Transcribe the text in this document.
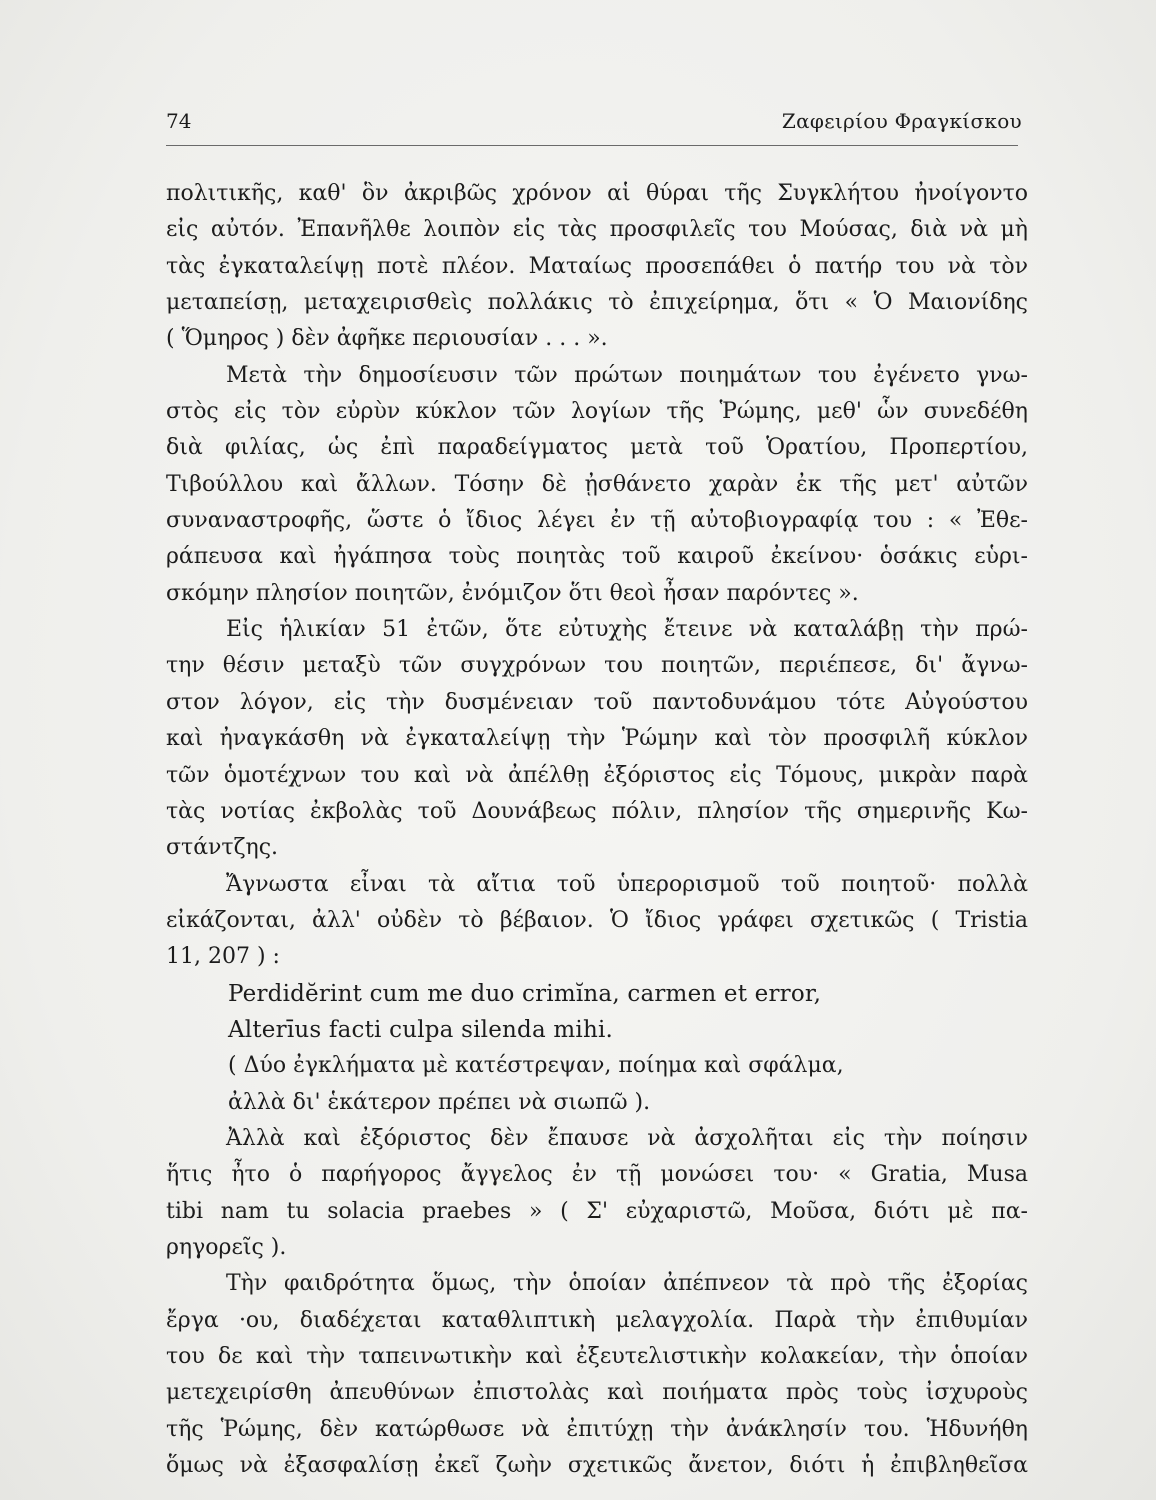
74	Ζαφειρίου Φραγκίσκου
πολιτικῆς, καθ' ὃν ἀκριβῶς χρόνον αἱ θύραι τῆς Συγκλήτου ἠνοίγοντο
εἰς αὐτόν. Ἐπανῆλθε λοιπὸν εἰς τὰς προσφιλεῖς του Μούσας, διὰ νὰ μὴ
τὰς ἐγκαταλείψῃ ποτὲ πλέον. Ματαίως προσεπάθει ὁ πατήρ του νὰ τὸν
μεταπείσῃ, μεταχειρισθεὶς πολλάκις τὸ ἐπιχείρημα, ὅτι « Ὁ Μαιονίδης
( Ὅμηρος ) δὲν ἀφῆκε περιουσίαν . . . ».
Μετὰ τὴν δημοσίευσιν τῶν πρώτων ποιημάτων του ἐγένετο γνω-
στὸς εἰς τὸν εὐρὺν κύκλον τῶν λογίων τῆς Ῥώμης, μεθ' ὧν συνεδέθη
διὰ φιλίας, ὡς ἐπὶ παραδείγματος μετὰ τοῦ Ὁρατίου, Προπερτίου,
Τιβούλλου καὶ ἄλλων. Τόσην δὲ ᾐσθάνετο χαρὰν ἐκ τῆς μετ' αὐτῶν
συναναστροφῆς, ὥστε ὁ ἴδιος λέγει ἐν τῇ αὐτοβιογραφίᾳ του : « Ἐθε-
ράπευσα καὶ ἠγάπησα τοὺς ποιητὰς τοῦ καιροῦ ἐκείνου· ὁσάκις εὑρι-
σκόμην πλησίον ποιητῶν, ἐνόμιζον ὅτι θεοὶ ἦσαν παρόντες ».
Εἰς ἡλικίαν 51 ἐτῶν, ὅτε εὐτυχὴς ἔτεινε νὰ καταλάβῃ τὴν πρώ-
την θέσιν μεταξὺ τῶν συγχρόνων του ποιητῶν, περιέπεσε, δι' ἄγνω-
στον λόγον, εἰς τὴν δυσμένειαν τοῦ παντοδυνάμου τότε Αὐγούστου
καὶ ἠναγκάσθη νὰ ἐγκαταλείψῃ τὴν Ῥώμην καὶ τὸν προσφιλῆ κύκλον
τῶν ὁμοτέχνων του καὶ νὰ ἀπέλθῃ ἐξόριστος εἰς Τόμους, μικρὰν παρὰ
τὰς νοτίας ἐκβολὰς τοῦ Δουνάβεως πόλιν, πλησίον τῆς σημερινῆς Κω-
στάντζης.
Ἄγνωστα εἶναι τὰ αἴτια τοῦ ὑπερορισμοῦ τοῦ ποιητοῦ· πολλὰ
εἰκάζονται, ἀλλ' οὐδὲν τὸ βέβαιον. Ὁ ἴδιος γράφει σχετικῶς ( Tristia
11, 207 ) :
Perdidĕrint cum me duo crimĭna, carmen et error,
Alterīus facti culpa silenda mihi.
( Δύο ἐγκλήματα μὲ κατέστρεψαν, ποίημα καὶ σφάλμα,
ἀλλὰ δι' ἑκάτερον πρέπει νὰ σιωπῶ ).
Ἀλλὰ καὶ ἐξόριστος δὲν ἔπαυσε νὰ ἀσχολῆται εἰς τὴν ποίησιν
ἥτις ἦτο ὁ παρήγορος ἄγγελος ἐν τῇ μονώσει του· « Gratia, Musa
tibi nam tu solacia praebes » ( Σ' εὐχαριστῶ, Μοῦσα, διότι μὲ πα-
ρηγορεῖς ).
Τὴν φαιδρότητα ὅμως, τὴν ὁποίαν ἀπέπνεον τὰ πρὸ τῆς ἐξορίας
ἔργα ·ου, διαδέχεται καταθλιπτικὴ μελαγχολία. Παρὰ τὴν ἐπιθυμίαν
του δε καὶ τὴν ταπεινωτικὴν καὶ ἐξευτελιστικὴν κολακείαν, τὴν ὁποίαν
μετεχειρίσθη ἀπευθύνων ἐπιστολὰς καὶ ποιήματα πρὸς τοὺς ἰσχυροὺς
τῆς Ῥώμης, δὲν κατώρθωσε νὰ ἐπιτύχῃ τὴν ἀνάκλησίν του. Ἡδυνήθη
ὅμως νὰ ἐξασφαλίσῃ ἐκεῖ ζωὴν σχετικῶς ἄνετον, διότι ἡ ἐπιβληθεῖσα
